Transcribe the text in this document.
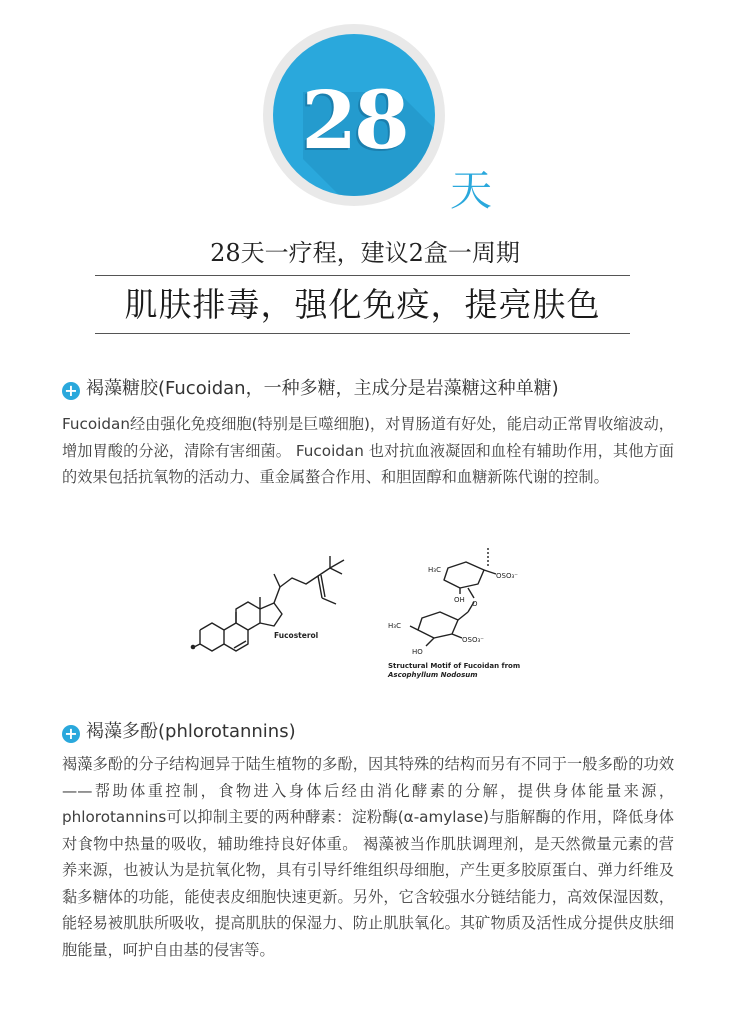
28
天
28天一疗程，建议2盒一周期
肌肤排毒，强化免疫，提亮肤色
+ 褐藻糖胶(Fucoidan，一种多糖，主成分是岩藻糖这种单糖)

Fucoidan经由强化免疫细胞(特别是巨噬细胞)，对胃肠道有好处，能启动正常胃收缩波动，增加胃酸的分泌，清除有害细菌。 Fucoidan 也对抗血液凝固和血栓有辅助作用，其他方面的效果包括抗氧物的活动力、重金属螯合作用、和胆固醇和血糖新陈代谢的控制。

Fucosterol
H₃C
OH
OSO₃⁻
O
H₃C
OSO₃⁻
HO
Structural Motif of Fucoidan from
Ascophyllum Nodosum
+ 褐藻多酚(phlorotannins)

褐藻多酚的分子结构迥异于陆生植物的多酚，因其特殊的结构而另有不同于一般多酚的功效——帮助体重控制，食物进入身体后经由消化酵素的分解，提供身体能量来源，phlorotannins可以抑制主要的两种酵素：淀粉酶(α-amylase)与脂解酶的作用，降低身体对食物中热量的吸收，辅助维持良好体重。 褐藻被当作肌肤调理剂，是天然微量元素的营养来源，也被认为是抗氧化物，具有引导纤维组织母细胞，产生更多胶原蛋白、弹力纤维及黏多糖体的功能，能使表皮细胞快速更新。另外，它含较强水分链结能力，高效保湿因数，能轻易被肌肤所吸收，提高肌肤的保湿力、防止肌肤氧化。其矿物质及活性成分提供皮肤细胞能量，呵护自由基的侵害等。
